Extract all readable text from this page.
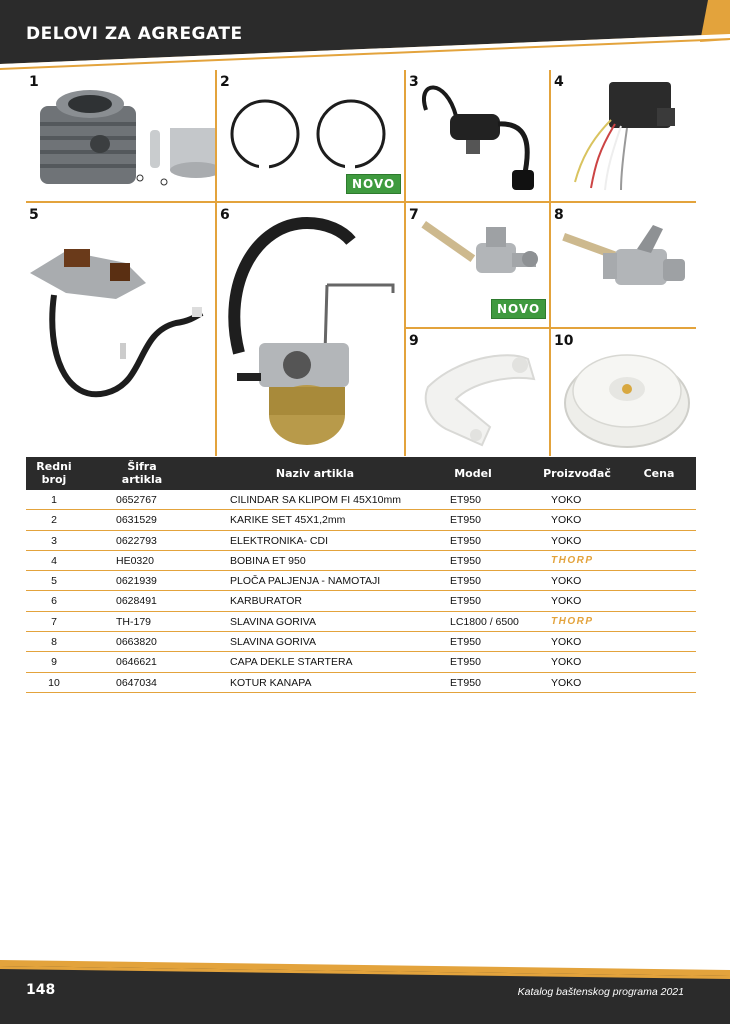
DELOVI ZA AGREGATE
1	2
NOVO
3	4
5	6	7
NOVO
8
9	10
Redni
broj
Šifra
artikla	Naziv artikla	Model	Proizvođač	Cena
1	0652767	CILINDAR SA KLIPOM FI 45X10mm	ET950	YOKO
2	0631529	KARIKE SET 45X1,2mm	ET950	YOKO
3	0622793	ELEKTRONIKA- CDI	ET950	YOKO
4	HE0320	BOBINA ET 950	ET950	THORP
5	0621939	PLOČA PALJENJA - NAMOTAJI	ET950	YOKO
6	0628491	KARBURATOR	ET950	YOKO
7	TH-179	SLAVINA GORIVA	LC1800 / 6500	THORP
8	0663820	SLAVINA GORIVA	ET950	YOKO
9	0646621	CAPA DEKLE STARTERA	ET950	YOKO
10	0647034	KOTUR KANAPA	ET950	YOKO
148	Katalog baštenskog programa 2021
